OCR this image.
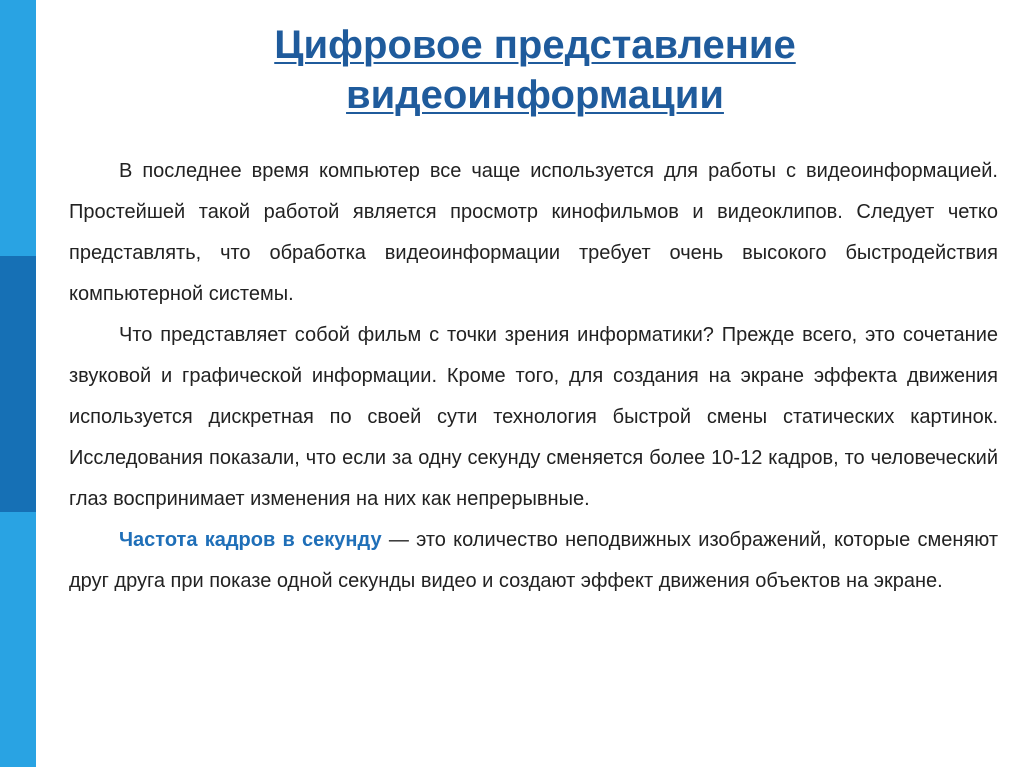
Цифровое представление
видеоинформации

В последнее время компьютер все чаще используется для работы с видеоинформацией. Простейшей такой работой является просмотр кинофильмов и видеоклипов. Следует четко представлять, что обработка видеоинформации требует очень высокого быстродействия компьютерной системы.

Что представляет собой фильм с точки зрения информатики? Прежде всего, это сочетание звуковой и графической информации. Кроме того, для создания на экране эффекта движения используется дискретная по своей сути технология быстрой смены статических картинок. Исследования показали, что если за одну секунду сменяется более 10-12 кадров, то человеческий глаз воспринимает изменения на них как непрерывные.

Частота кадров в секунду — это количество неподвижных изображений, которые сменяют друг друга при показе одной секунды видео и создают эффект движения объектов на экране.
